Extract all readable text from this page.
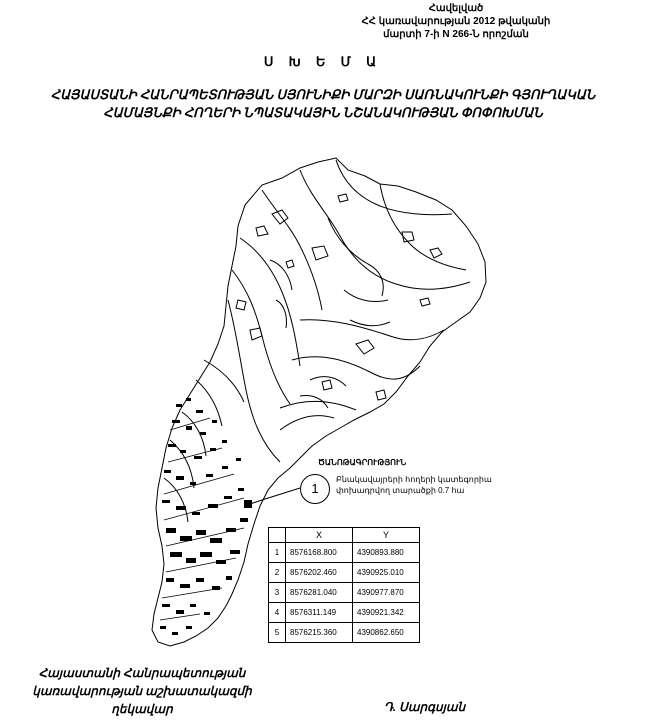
Հավելված
ՀՀ կառավարության 2012 թվականի
մարտի 7-ի N 266-Ն որոշման
Ս Խ Ե Մ Ա
ՀԱՅԱՍՏԱՆԻ ՀԱՆՐԱՊԵՏՈՒԹՅԱՆ ՍՅՈՒՆԻՔԻ ՄԱՐԶԻ ՍԱՌՆԱԿՈՒՆՔԻ ԳՅՈՒՂԱԿԱՆ
ՀԱՄԱՅՆՔԻ ՀՈՂԵՐԻ ՆՊԱՏԱԿԱՅԻՆ ՆՇԱՆԱԿՈՒԹՅԱՆ ՓՈՓՈԽՄԱՆ
ԾԱՆՈԹԱԳՐՈՒԹՅՈՒՆ
1
Բնակավայրերի հողերի կատեգորիա փոխադրվող տարածքի 0.7 հա
	X	Y
1	8576168.800	4390893.880
2	8576202.460	4390925.010
3	8576281.040	4390977.870
4	8576311.149	4390921.342
5	8576215.360	4390862.650
Հայաստանի Հանրապետության
կառավարության աշխատակազմի
ղեկավար	Դ. Սարգսյան
